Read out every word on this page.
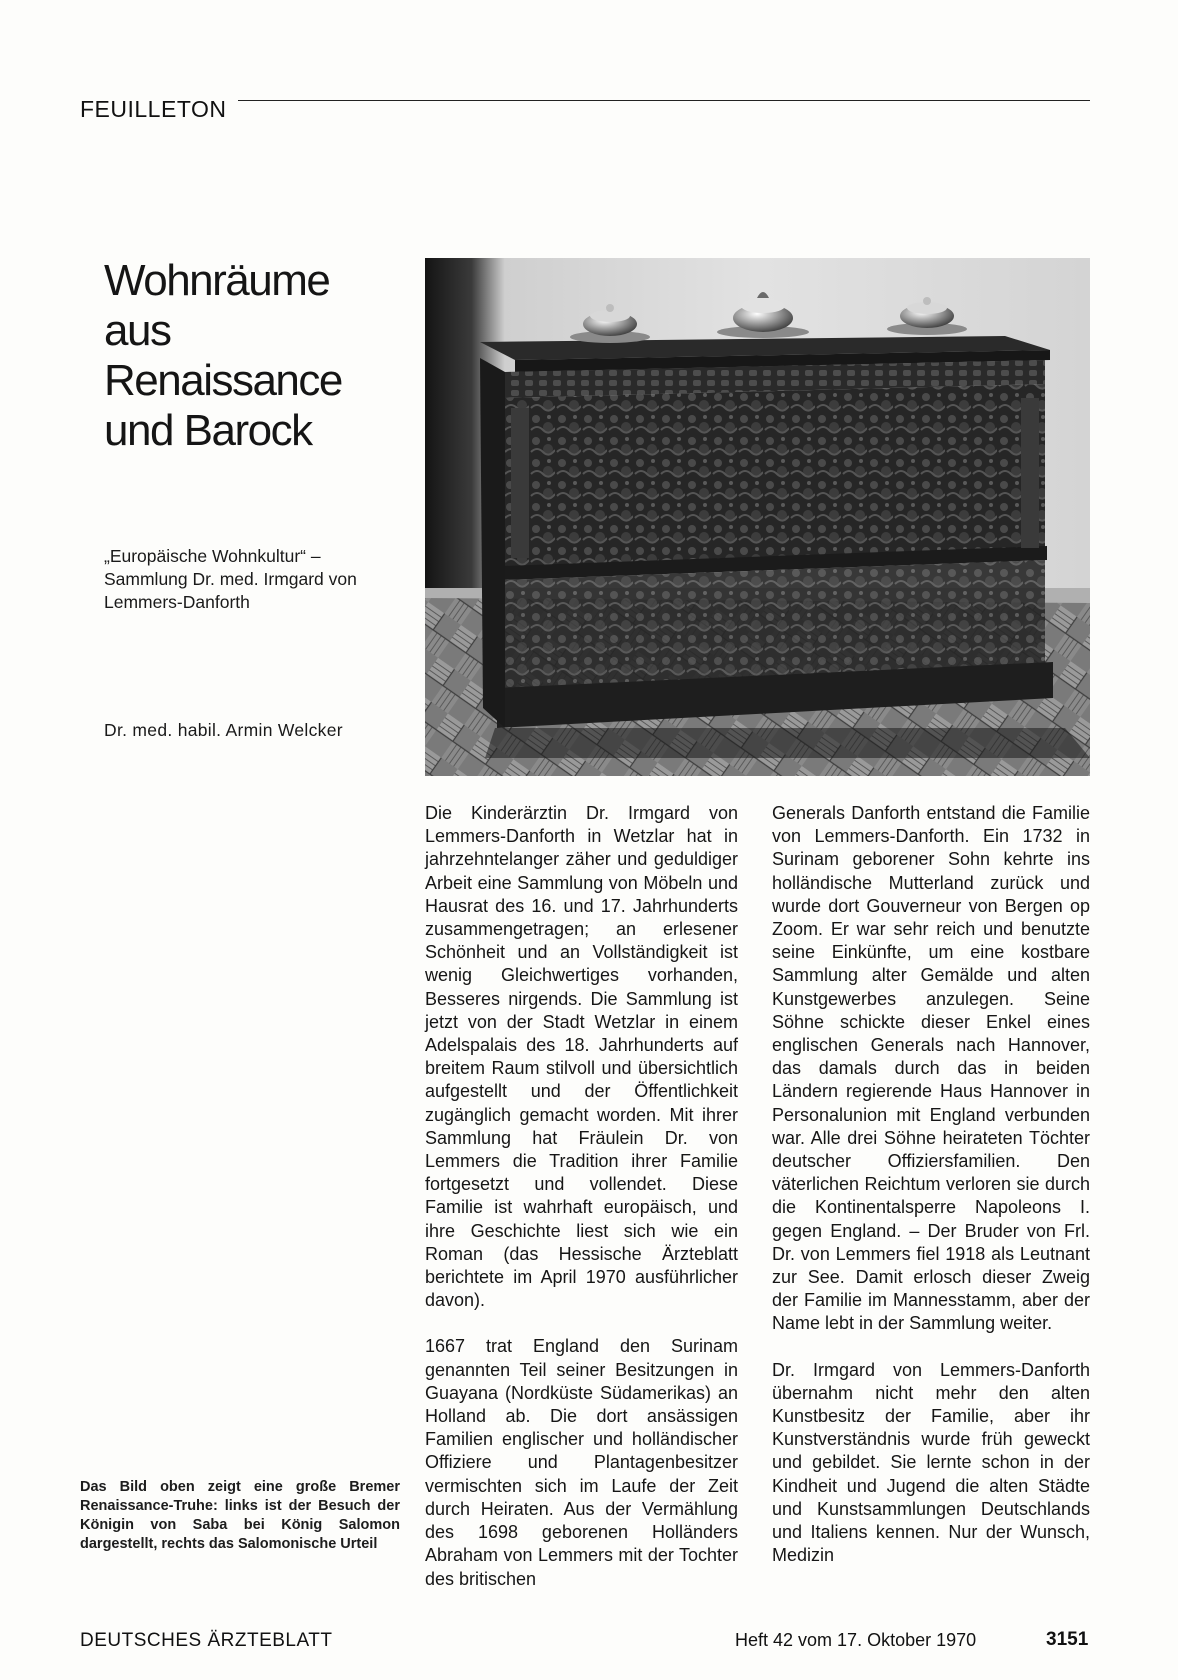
FEUILLETON
Wohnräume
aus
Renaissance
und Barock
„Europäische Wohnkultur“ –
Sammlung Dr. med. Irmgard von
Lemmers-Danforth
Dr. med. habil. Armin Welcker

Die Kinderärztin Dr. Irmgard von Lemmers-Danforth in Wetzlar hat in jahrzehntelanger zäher und geduldiger Arbeit eine Sammlung von Möbeln und Hausrat des 16. und 17. Jahrhunderts zusammengetragen; an erlesener Schönheit und an Vollständigkeit ist wenig Gleichwertiges vorhanden, Besseres nirgends. Die Sammlung ist jetzt von der Stadt Wetzlar in einem Adelspalais des 18. Jahrhunderts auf breitem Raum stilvoll und übersichtlich aufgestellt und der Öffentlichkeit zugänglich gemacht worden. Mit ihrer Sammlung hat Fräulein Dr. von Lemmers die Tradition ihrer Familie fortgesetzt und vollendet. Diese Familie ist wahrhaft europäisch, und ihre Geschichte liest sich wie ein Roman (das Hessische Ärzteblatt berichtete im April 1970 ausführlicher davon).

1667 trat England den Surinam genannten Teil seiner Besitzungen in Guayana (Nordküste Südamerikas) an Holland ab. Die dort ansässigen Familien englischer und holländischer Offiziere und Plantagenbesitzer vermischten sich im Laufe der Zeit durch Heiraten. Aus der Vermählung des 1698 geborenen Holländers Abraham von Lemmers mit der Tochter des britischen

Generals Danforth entstand die Familie von Lemmers-Danforth. Ein 1732 in Surinam geborener Sohn kehrte ins holländische Mutterland zurück und wurde dort Gouverneur von Bergen op Zoom. Er war sehr reich und benutzte seine Einkünfte, um eine kostbare Sammlung alter Gemälde und alten Kunstgewerbes anzulegen. Seine Söhne schickte dieser Enkel eines englischen Generals nach Hannover, das damals durch das in beiden Ländern regierende Haus Hannover in Personalunion mit England verbunden war. Alle drei Söhne heirateten Töchter deutscher Offiziersfamilien. Den väterlichen Reichtum verloren sie durch die Kontinentalsperre Napoleons I. gegen England. – Der Bruder von Frl. Dr. von Lemmers fiel 1918 als Leutnant zur See. Damit erlosch dieser Zweig der Familie im Mannesstamm, aber der Name lebt in der Sammlung weiter.

Dr. Irmgard von Lemmers-Danforth übernahm nicht mehr den alten Kunstbesitz der Familie, aber ihr Kunstverständnis wurde früh geweckt und gebildet. Sie lernte schon in der Kindheit und Jugend die alten Städte und Kunstsammlungen Deutschlands und Italiens kennen. Nur der Wunsch, Medizin

Das Bild oben zeigt eine große Bremer Renaissance-Truhe: links ist der Besuch der Königin von Saba bei König Salomon dargestellt, rechts das Salomonische Urteil
DEUTSCHES ÄRZTEBLATT	Heft 42 vom 17. Oktober 1970	3151
